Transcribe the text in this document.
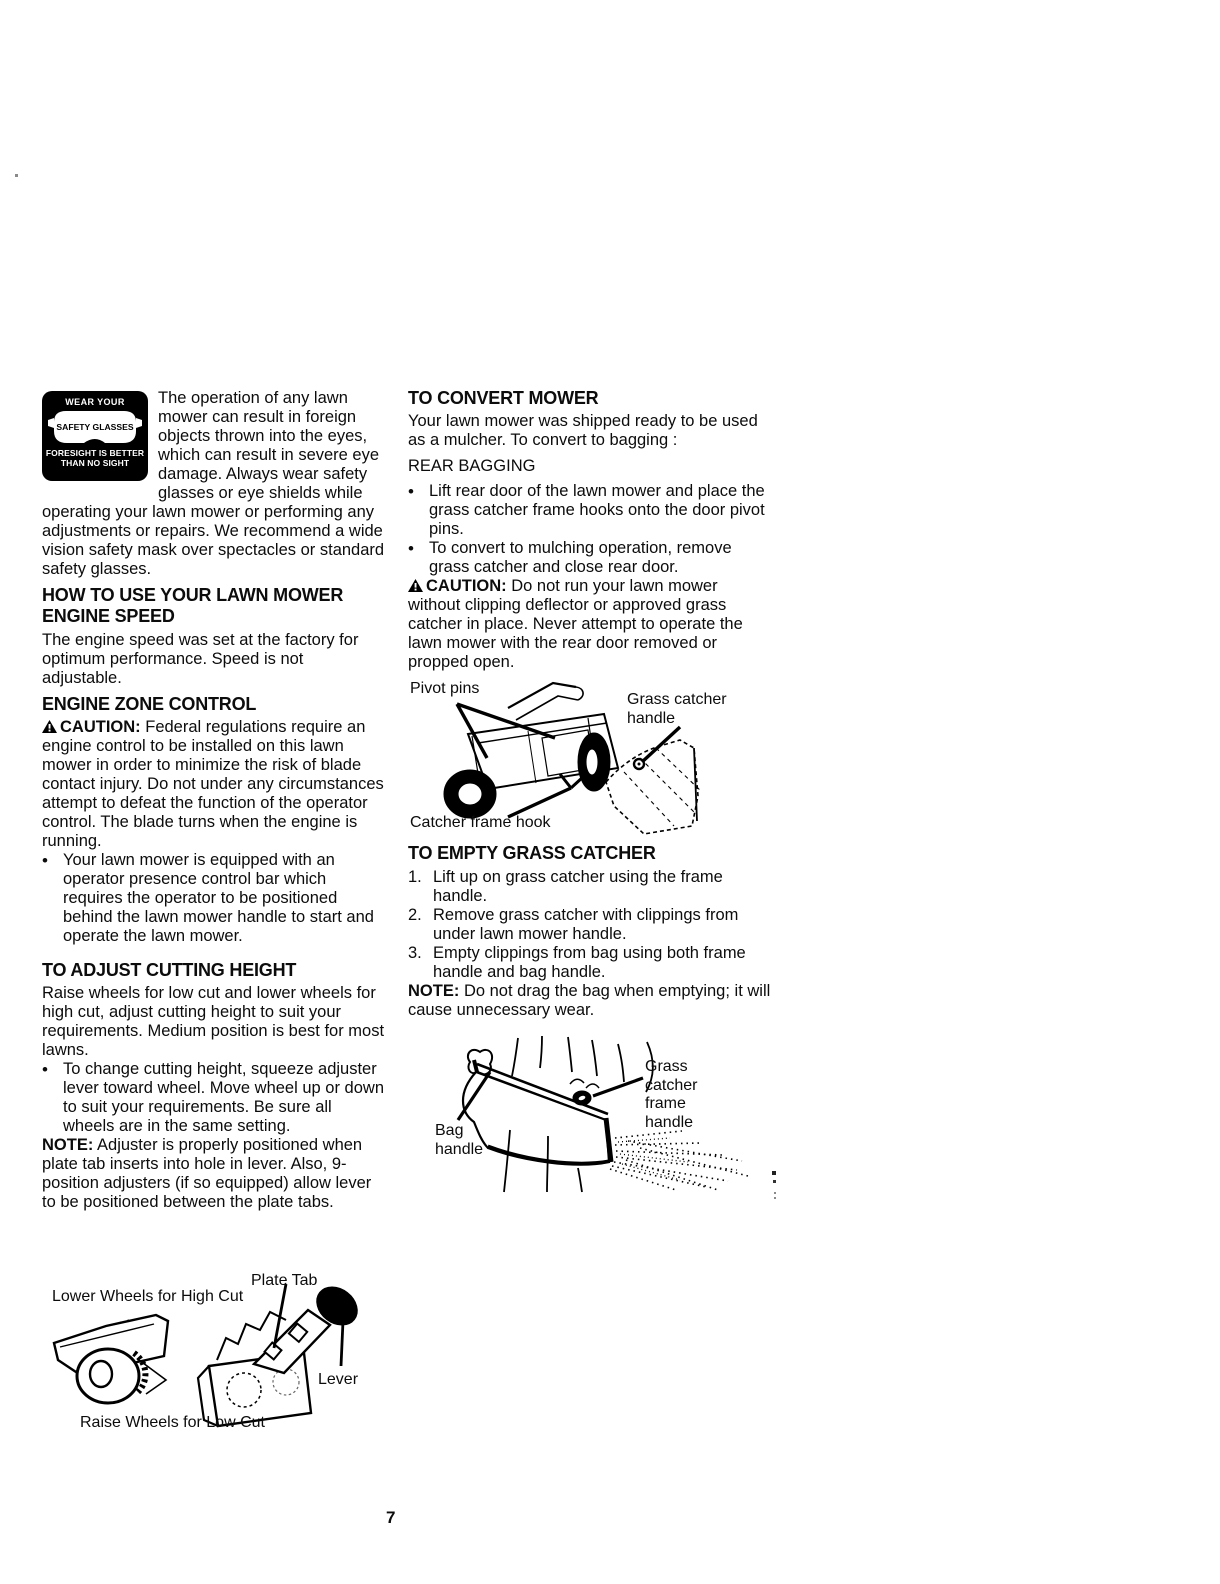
WEAR YOUR
SAFETY GLASSES
FORESIGHT IS BETTER
THAN NO SIGHT

The operation of any lawn mower can result in foreign objects thrown into the eyes, which can result in severe eye damage. Always wear safety glasses or eye shields while operating your lawn mower or performing any adjustments or repairs. We recommend a wide vision safety mask over spectacles or standard safety glasses.

HOW TO USE YOUR LAWN MOWER
ENGINE SPEED

The engine speed was set at the factory for optimum performance. Speed is not adjustable.

ENGINE ZONE CONTROL

CAUTION: Federal regulations require an engine control to be installed on this lawn mower in order to minimize the risk of blade contact injury. Do not under any circumstances attempt to defeat the function of the operator control. The blade turns when the engine is running.

•
Your lawn mower is equipped with an operator presence control bar which requires the operator to be positioned behind the lawn mower handle to start and operate the lawn mower.
TO ADJUST CUTTING HEIGHT

Raise wheels for low cut and lower wheels for high cut, adjust cutting height to suit your requirements. Medium position is best for most lawns.

•
To change cutting height, squeeze adjuster lever toward wheel. Move wheel up or down to suit your requirements. Be sure all wheels are in the same setting.

NOTE: Adjuster is properly positioned when plate tab inserts into hole in lever. Also, 9-position adjusters (if so equipped) allow lever to be positioned between the plate tabs.

Plate Tab
Lower Wheels for High Cut
Lever
Raise Wheels for Low Cut
TO CONVERT MOWER

Your lawn mower was shipped ready to be used as a mulcher. To convert to bagging :

REAR BAGGING

•
Lift rear door of the lawn mower and place the grass catcher frame hooks onto the door pivot pins.
•
To convert to mulching operation, remove grass catcher and close rear door.

CAUTION: Do not run your lawn mower without clipping deflector or approved grass catcher in place. Never attempt to operate the lawn mower with the rear door removed or propped open.

Pivot pins
Grass catcher handle
Catcher frame hook
TO EMPTY GRASS CATCHER
1. Lift up on grass catcher using the frame handle.
2. Remove grass catcher with clippings from under lawn mower handle.
3. Empty clippings from bag using both frame handle and bag handle.

NOTE: Do not drag the bag when emptying; it will cause unnecessary wear.

Bag handle
Grass catcher frame handle
7
